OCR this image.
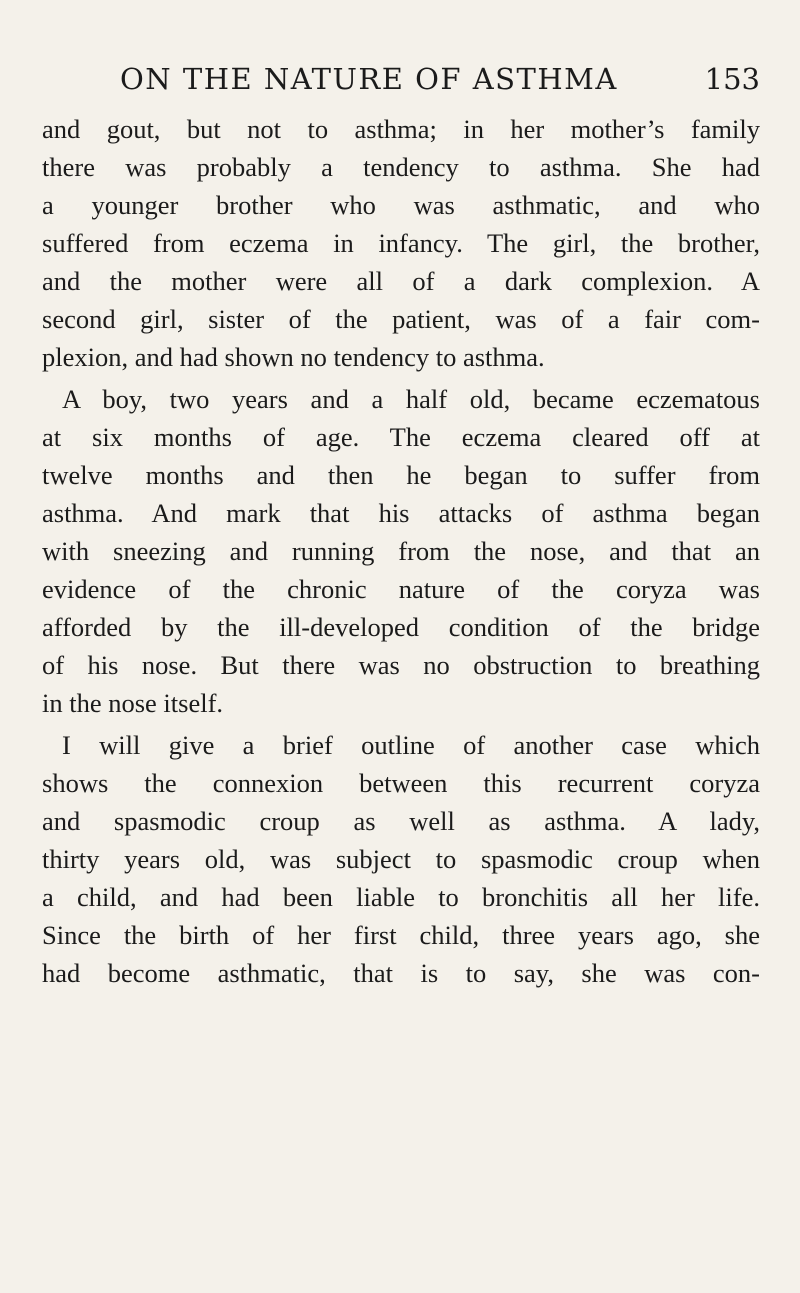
ON THE NATURE OF ASTHMA	153
and gout, but not to asthma; in her mother’s family
there was probably a tendency to asthma. She had
a younger brother who was asthmatic, and who
suffered from eczema in infancy. The girl, the brother,
and the mother were all of a dark complexion. A
second girl, sister of the patient, was of a fair com-
plexion, and had shown no tendency to asthma.
A boy, two years and a half old, became eczematous
at six months of age. The eczema cleared off at
twelve months and then he began to suffer from
asthma. And mark that his attacks of asthma began
with sneezing and running from the nose, and that an
evidence of the chronic nature of the coryza was
afforded by the ill-developed condition of the bridge
of his nose. But there was no obstruction to breathing
in the nose itself.
I will give a brief outline of another case which
shows the connexion between this recurrent coryza
and spasmodic croup as well as asthma. A lady,
thirty years old, was subject to spasmodic croup when
a child, and had been liable to bronchitis all her life.
Since the birth of her first child, three years ago, she
had become asthmatic, that is to say, she was con-
